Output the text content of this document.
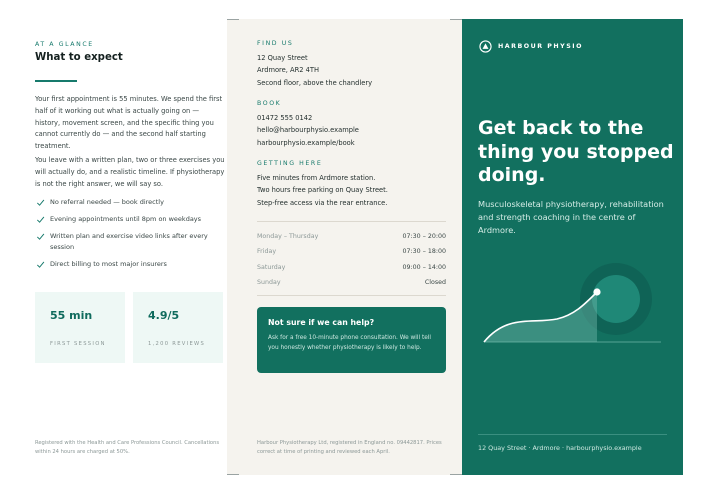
AT A GLANCE
What to expect

Your first appointment is 55 minutes. We spend the first half of it working out what is actually going on — history, movement screen, and the specific thing you cannot currently do — and the second half starting treatment.

You leave with a written plan, two or three exercises you will actually do, and a realistic timeline. If physiotherapy is not the right answer, we will say so.

No referral needed — book directly
Evening appointments until 8pm on weekdays
Written plan and exercise video links after every session
Direct billing to most major insurers
55 min
FIRST SESSION
4.9/5
1,200 REVIEWS

Registered with the Health and Care Professions Council. Cancellations within 24 hours are charged at 50%.

FIND US
12 Quay Street
Ardmore, AR2 4TH
Second floor, above the chandlery
BOOK
01472 555 0142
hello@harbourphysio.example
harbourphysio.example/book
GETTING HERE
Five minutes from Ardmore station.
Two hours free parking on Quay Street.
Step-free access via the rear entrance.
Monday – Thursday	07:30 – 20:00
Friday	07:30 – 18:00
Saturday	09:00 – 14:00
Sunday	Closed
Not sure if we can help?
Ask for a free 10-minute phone consultation. We will tell you honestly whether physiotherapy is likely to help.

Harbour Physiotherapy Ltd, registered in England no. 09442817. Prices correct at time of printing and reviewed each April.

HARBOUR PHYSIO
Get back to the thing you stopped doing.

Musculoskeletal physiotherapy, rehabilitation and strength coaching in the centre of Ardmore.

12 Quay Street · Ardmore · harbourphysio.example
